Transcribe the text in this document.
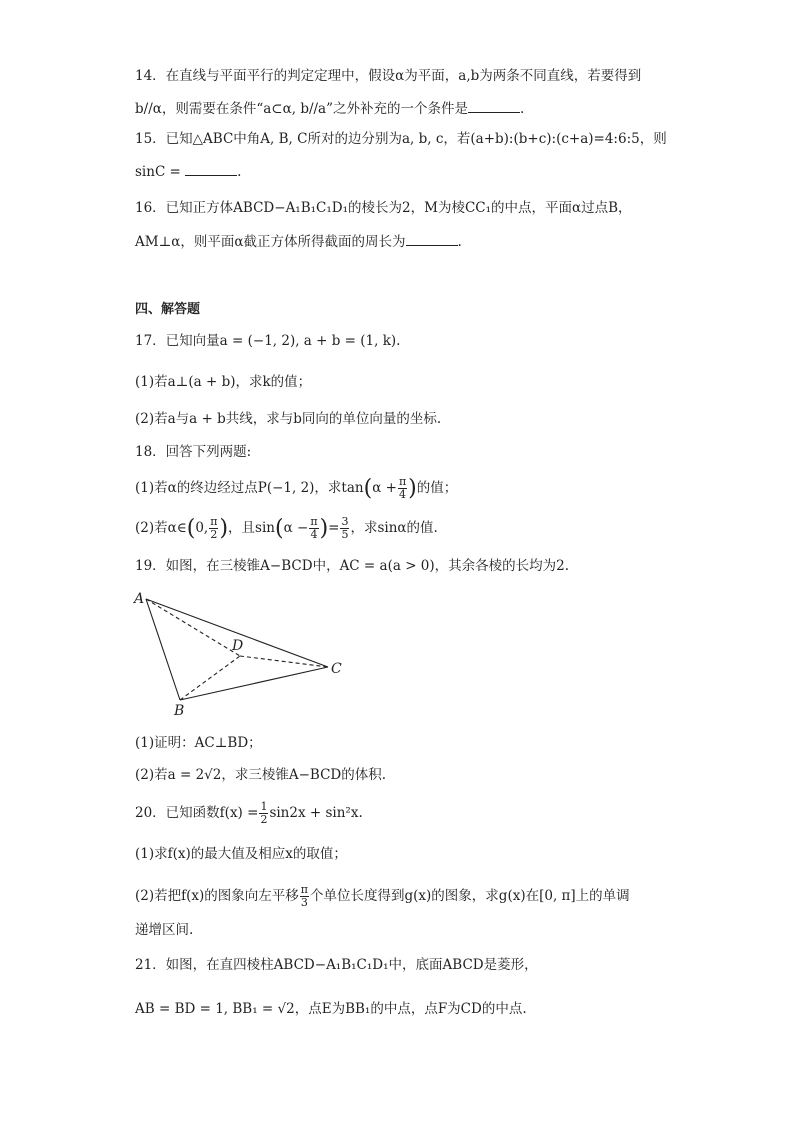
14．在直线与平面平行的判定定理中，假设α为平面，a,b为两条不同直线，若要得到
b//α，则需要在条件“a⊂α, b//a”之外补充的一个条件是	.
15．已知△ABC中角A, B, C所对的边分别为a, b, c，若(a+b):(b+c):(c+a)=4:6:5，则
sinC =	.
16．已知正方体ABCD−A₁B₁C₁D₁的棱长为2，M为棱CC₁的中点，平面α过点B，
AM⊥α，则平面α截正方体所得截面的周长为	.
四、解答题
17．已知向量a = (−1, 2), a + b = (1, k).
(1)若a⊥(a + b)，求k的值；
(2)若a与a + b共线，求与b同向的单位向量的坐标.
18．回答下列两题:
(1)若α的终边经过点P(−1, 2)，求$\tan(\alpha + \frac{\pi}{4}$ )的值；
(2)若α∈(0, $\frac{\pi}{2}$ )，且$\sin(\alpha - \frac{\pi}{4}$ )= $\frac{3}{5}$ ，求sinα的值.
19．如图，在三棱锥A−BCD中，AC = a(a > 0)，其余各棱的长均为2.
A
B
C
D
(1)证明：AC⊥BD；
(2)若a = 2√2，求三棱锥A−BCD的体积.
20．已知函数$f(x) = \frac{1}{2} \sin 2x + \sin^2x$.
(1)求f(x)的最大值及相应x的取值；
(2)若把f(x)的图象向左平移 $\frac{\pi}{3}$ 个单位长度得到g(x)的图象，求g(x)在[0, π]上的单调
递增区间.
21．如图，在直四棱柱ABCD−A₁B₁C₁D₁中，底面ABCD是菱形，
AB = BD = 1, BB₁ = √2，点E为BB₁的中点，点F为CD的中点.
